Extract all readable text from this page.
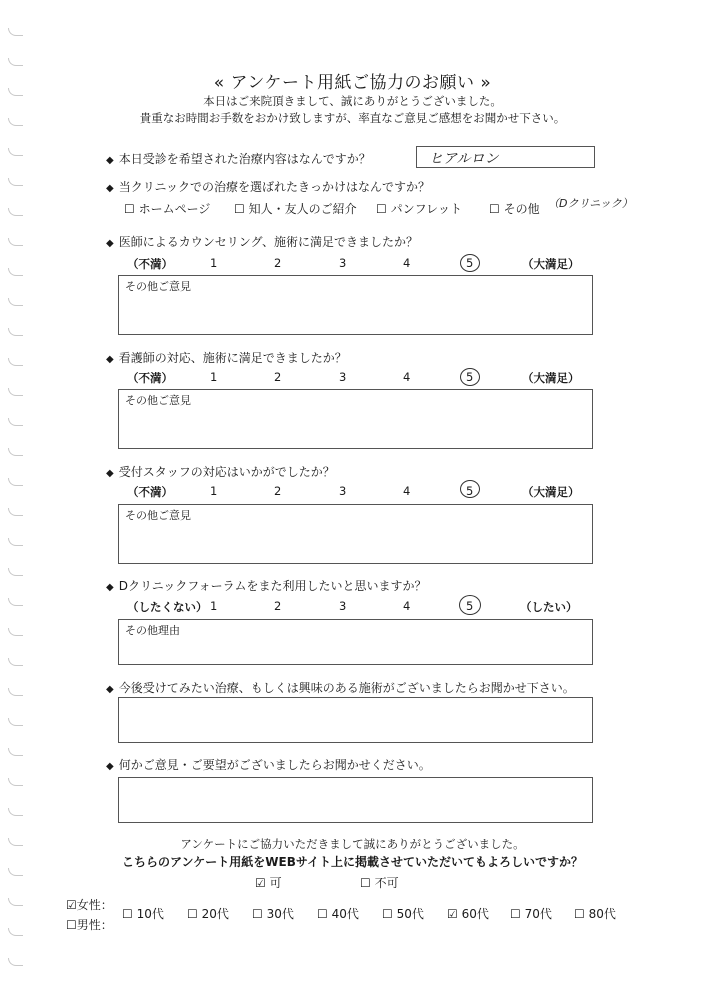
« アンケート用紙ご協力のお願い »
本日はご来院頂きまして、誠にありがとうございました。
貴重なお時間お手数をおかけ致しますが、率直なご意見ご感想をお聞かせ下さい。
◆ 本日受診を希望された治療内容はなんですか？	ヒアルロン
◆ 当クリニックでの治療を選ばれたきっかけはなんですか？
☐ ホームページ ☐ 知人・友人のご紹介 ☐ パンフレット ☐ その他 （Dクリニック）
◆ 医師によるカウンセリング、施術に満足できましたか？
（不満）	1	2	3	4	5	（大満足）
その他ご意見
◆ 看護師の対応、施術に満足できましたか？
（不満）	1	2	3	4	5	（大満足）
その他ご意見
◆ 受付スタッフの対応はいかがでしたか？
（不満）	1	2	3	4	5	（大満足）
その他ご意見
◆ Dクリニックフォーラムをまた利用したいと思いますか？
（したくない） 1	2	3	4	5	（したい）
その他理由
◆ 今後受けてみたい治療、もしくは興味のある施術がございましたらお聞かせ下さい。
◆ 何かご意見・ご要望がございましたらお聞かせください。
アンケートにご協力いただきまして誠にありがとうございました。
こちらのアンケート用紙をWEBサイト上に掲載させていただいてもよろしいですか？
☑ 可	☐ 不可
☑女性：
☐男性：
☐ 10代 ☐ 20代 ☐ 30代 ☐ 40代 ☐ 50代 ☑ 60代 ☐ 70代 ☐ 80代
